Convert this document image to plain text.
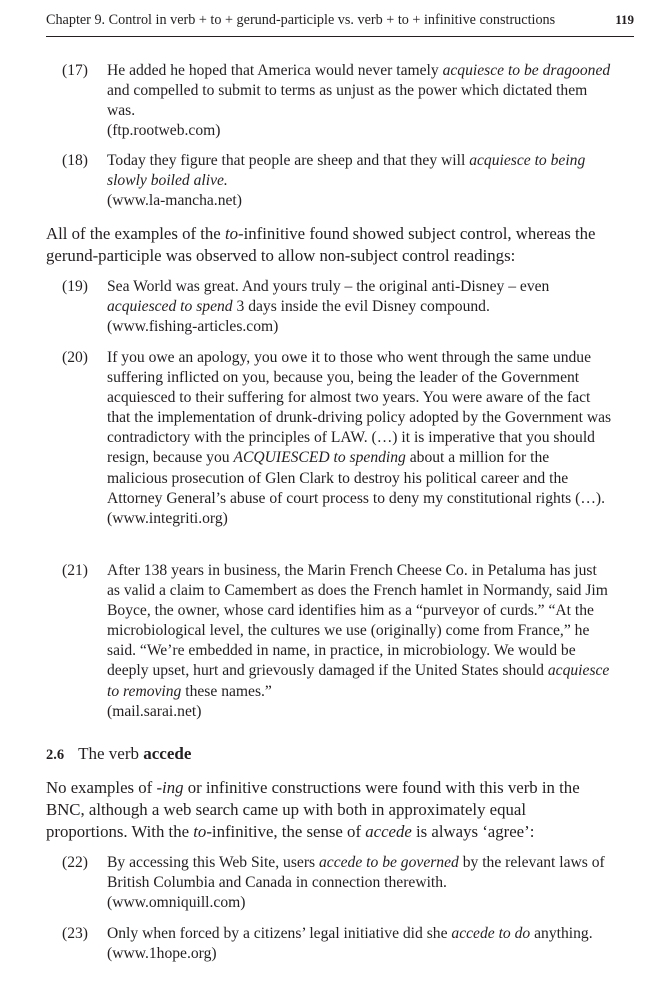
Chapter 9. Control in verb + to + gerund-participle vs. verb + to + infinitive constructions	119
(17) He added he hoped that America would never tamely acquiesce to be dragooned and compelled to submit to terms as unjust as the power which dictated them was.
(ftp.rootweb.com)
(18) Today they figure that people are sheep and that they will acquiesce to being slowly boiled alive.
(www.la-mancha.net)
All of the examples of the to-infinitive found showed subject control, whereas the gerund-participle was observed to allow non-subject control readings:
(19) Sea World was great. And yours truly – the original anti-Disney – even acquiesced to spend 3 days inside the evil Disney compound.
(www.fishing-articles.com)
(20) If you owe an apology, you owe it to those who went through the same undue suffering inflicted on you, because you, being the leader of the Government acquiesced to their suffering for almost two years. You were aware of the fact that the implementation of drunk-driving policy adopted by the Government was contradictory with the principles of LAW. (…) it is imperative that you should resign, because you ACQUIESCED to spending about a million for the malicious prosecution of Glen Clark to destroy his political career and the Attorney General’s abuse of court process to deny my constitutional rights (…).
(www.integriti.org)
(21) After 138 years in business, the Marin French Cheese Co. in Petaluma has just as valid a claim to Camembert as does the French hamlet in Normandy, said Jim Boyce, the owner, whose card identifies him as a “purveyor of curds.” “At the microbiological level, the cultures we use (originally) come from France,” he said. “We’re embedded in name, in practice, in microbiology. We would be deeply upset, hurt and grievously damaged if the United States should acquiesce to removing these names.”
(mail.sarai.net)
2.6 The verb accede
No examples of -ing or infinitive constructions were found with this verb in the BNC, although a web search came up with both in approximately equal proportions. With the to-infinitive, the sense of accede is always ‘agree’:
(22) By accessing this Web Site, users accede to be governed by the relevant laws of British Columbia and Canada in connection therewith.
(www.omniquill.com)
(23) Only when forced by a citizens’ legal initiative did she accede to do anything.
(www.1hope.org)
